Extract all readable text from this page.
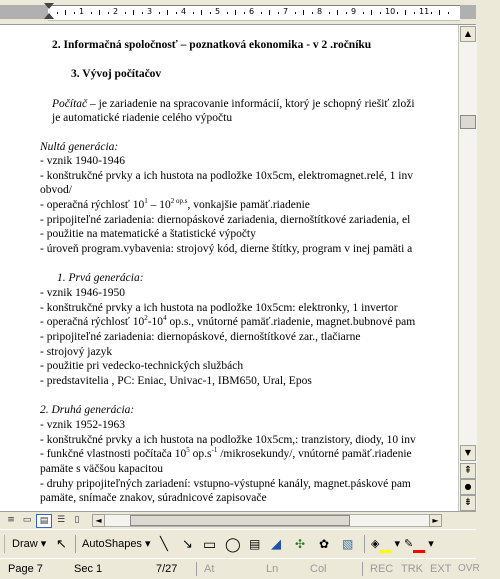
1	2	3	4	5	6	7	8	9	10	11
2. Informačná spoločnosť – poznatková ekonomika - v 2 .ročníku
3. Vývoj počítačov
Počítač – je zariadenie na spracovanie informácií, ktorý je schopný riešiť zloži
je automatické riadenie celého výpočtu
Nultá generácia:
- vznik 1940-1946
- konštrukčné prvky a ich hustota na podložke 10x5cm, elektromagnet.relé, 1 inv
obvod/
- operačná rýchlosť $10^1 - 10^{2 op.s}$, vonkajšie pamäť.riadenie
- pripojiteľné zariadenia: diernopáskové zariadenia, diernoštítkové zariadenia, el
- použitie na matematické a štatistické výpočty
- úroveň program.vybavenia: strojový kód, dierne štítky, program v inej pamäti a
1. Prvá generácia:
- vznik 1946-1950
- konštrukčné prvky a ich hustota na podložke 10x5cm: elektronky, 1 invertor
- operačná rýchlosť $10^2-10^4$ op.s., vnútorné pamäť.riadenie, magnet.bubnové pam
- pripojiteľné zariadenia: diernopáskové, diernoštítkové zar., tlačiarne
- strojový jazyk
- použitie pri vedecko-technických službách
- predstavitelia , PC: Eniac, Univac-1, IBM650, Ural, Epos
2. Druhá generácia:
- vznik 1952-1963
- konštrukčné prvky a ich hustota na podložke 10x5cm,: tranzistory, diody, 10 inv
- funkčné vlastnosti počítača $10^5$ $op.s^{-1}$ /mikrosekundy/, vnútorné pamäť.riadenie
pamäte s väčšou kapacitou
- druhy pripojiteľných zariadení: vstupno-výstupné kanály, magnet.páskové pam
pamäte, snímače znakov, súradnicové zapisovače
▲
▼
⇞
●
⇟
≡ ▭ ▤ ☰	▯	◄	►
Draw ▾ ↖ AutoShapes ▾ ╲ ↘ ▭ ◯ ▤ ◢ ✣ ✿ ▧ ◈ ▾ ✎ ▾
Page 7	Sec 1	7/27 At	Ln	Col	REC TRK EXT OVR
